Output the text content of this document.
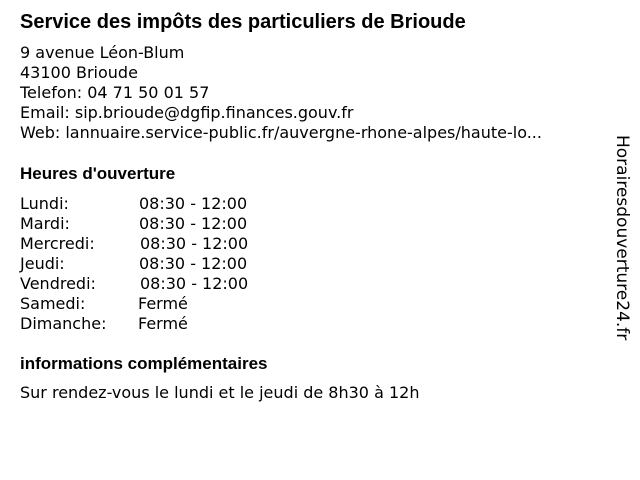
Service des impôts des particuliers de Brioude
9 avenue Léon-Blum
43100 Brioude
Telefon: 04 71 50 01 57
Email: sip.brioude@dgfip.finances.gouv.fr
Web: lannuaire.service-public.fr/auvergne-rhone-alpes/haute-lo...
Heures d'ouverture
Lundi:	08:30 - 12:00
Mardi:	08:30 - 12:00
Mercredi:	08:30 - 12:00
Jeudi:	08:30 - 12:00
Vendredi:	08:30 - 12:00
Samedi:	Fermé
Dimanche: Fermé
informations complémentaires
Sur rendez-vous le lundi et le jeudi de 8h30 à 12h
Horairesdouverture24.fr
